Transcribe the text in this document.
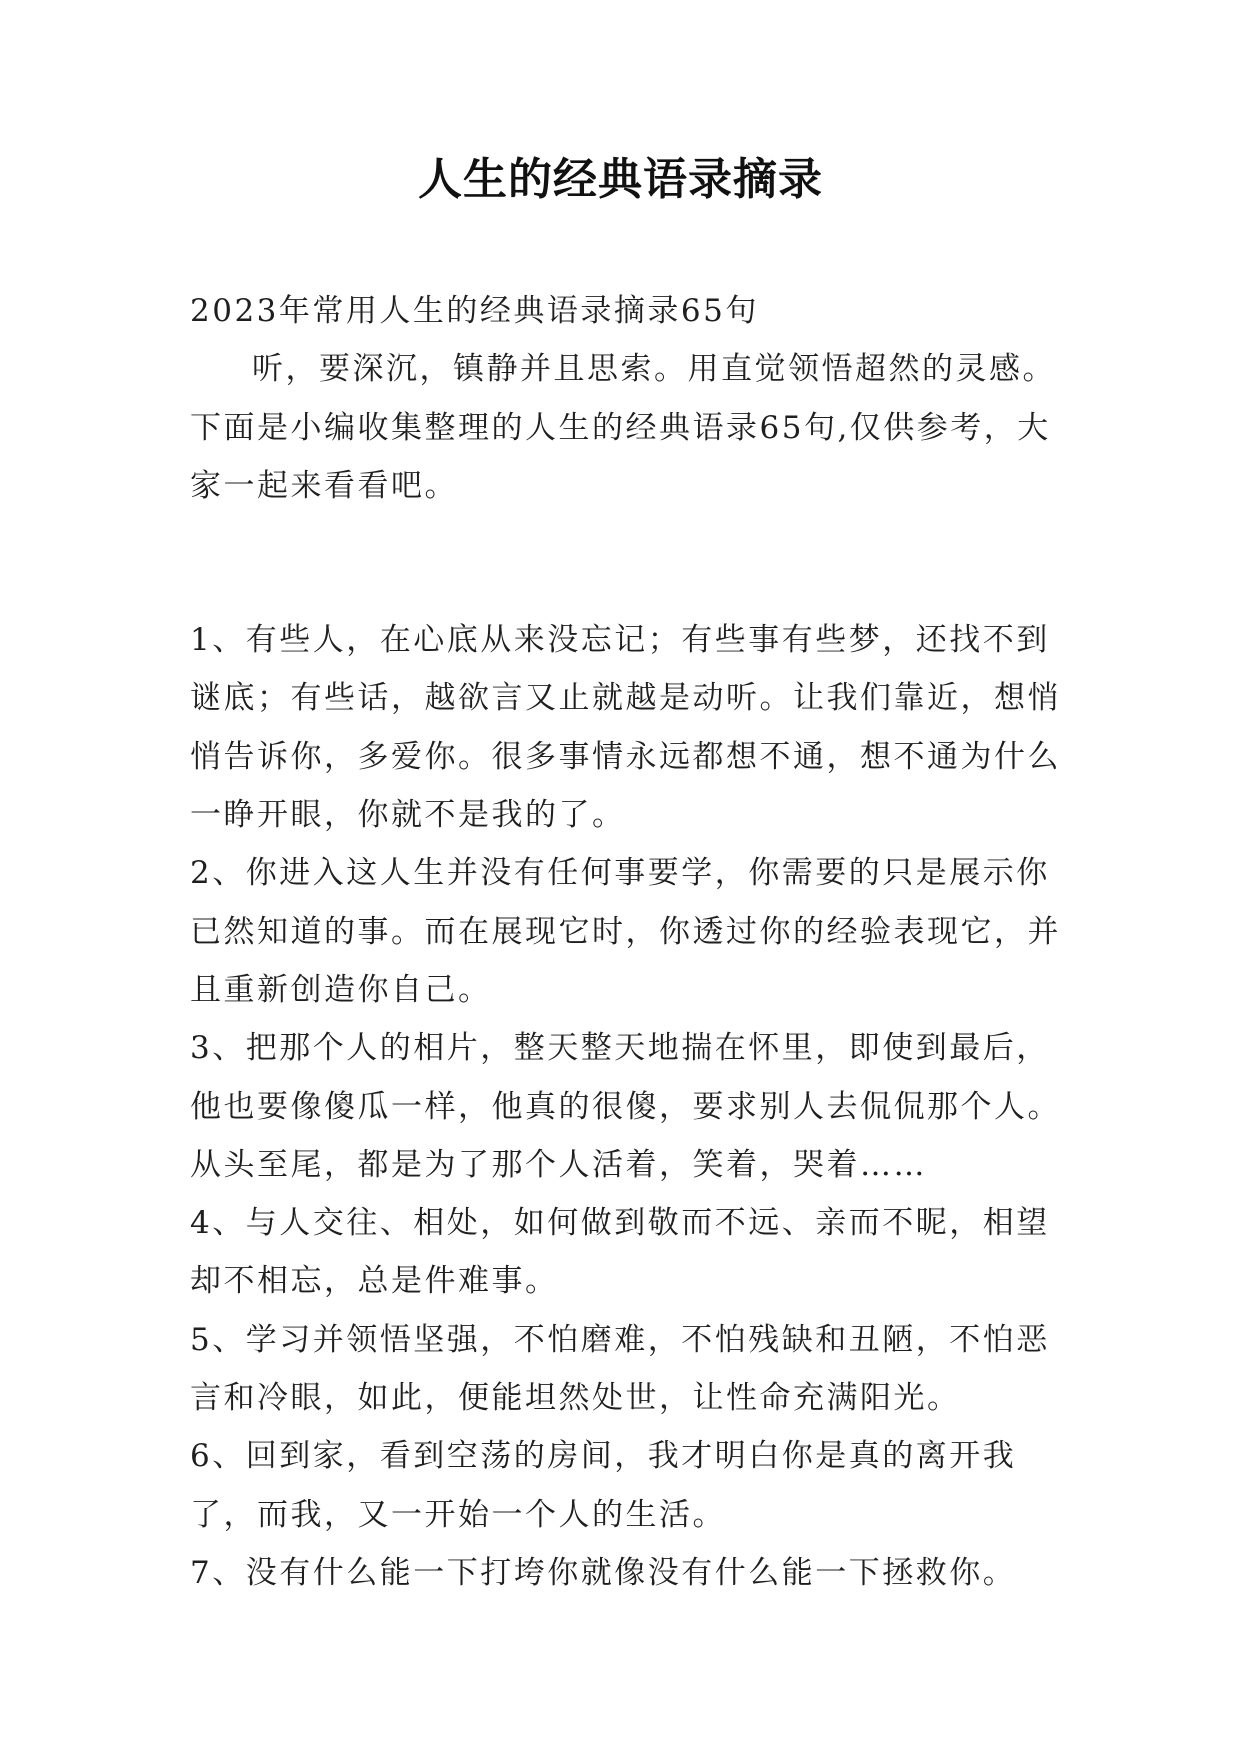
人生的经典语录摘录

2023年常用人生的经典语录摘录65句

听，要深沉，镇静并且思索。用直觉领悟超然的灵感。下面是小编收集整理的人生的经典语录65句,仅供参考，大家一起来看看吧。

1、有些人，在心底从来没忘记；有些事有些梦，还找不到谜底；有些话，越欲言又止就越是动听。让我们靠近，想悄悄告诉你，多爱你。很多事情永远都想不通，想不通为什么一睁开眼，你就不是我的了。

2、你进入这人生并没有任何事要学，你需要的只是展示你已然知道的事。而在展现它时，你透过你的经验表现它，并且重新创造你自己。

3、把那个人的相片，整天整天地揣在怀里，即使到最后，他也要像傻瓜一样，他真的很傻，要求别人去侃侃那个人。从头至尾，都是为了那个人活着，笑着，哭着……

4、与人交往、相处，如何做到敬而不远、亲而不昵，相望却不相忘，总是件难事。

5、学习并领悟坚强，不怕磨难，不怕残缺和丑陋，不怕恶言和冷眼，如此，便能坦然处世，让性命充满阳光。

6、回到家，看到空荡的房间，我才明白你是真的离开我了，而我，又一开始一个人的生活。

7、没有什么能一下打垮你就像没有什么能一下拯救你。
